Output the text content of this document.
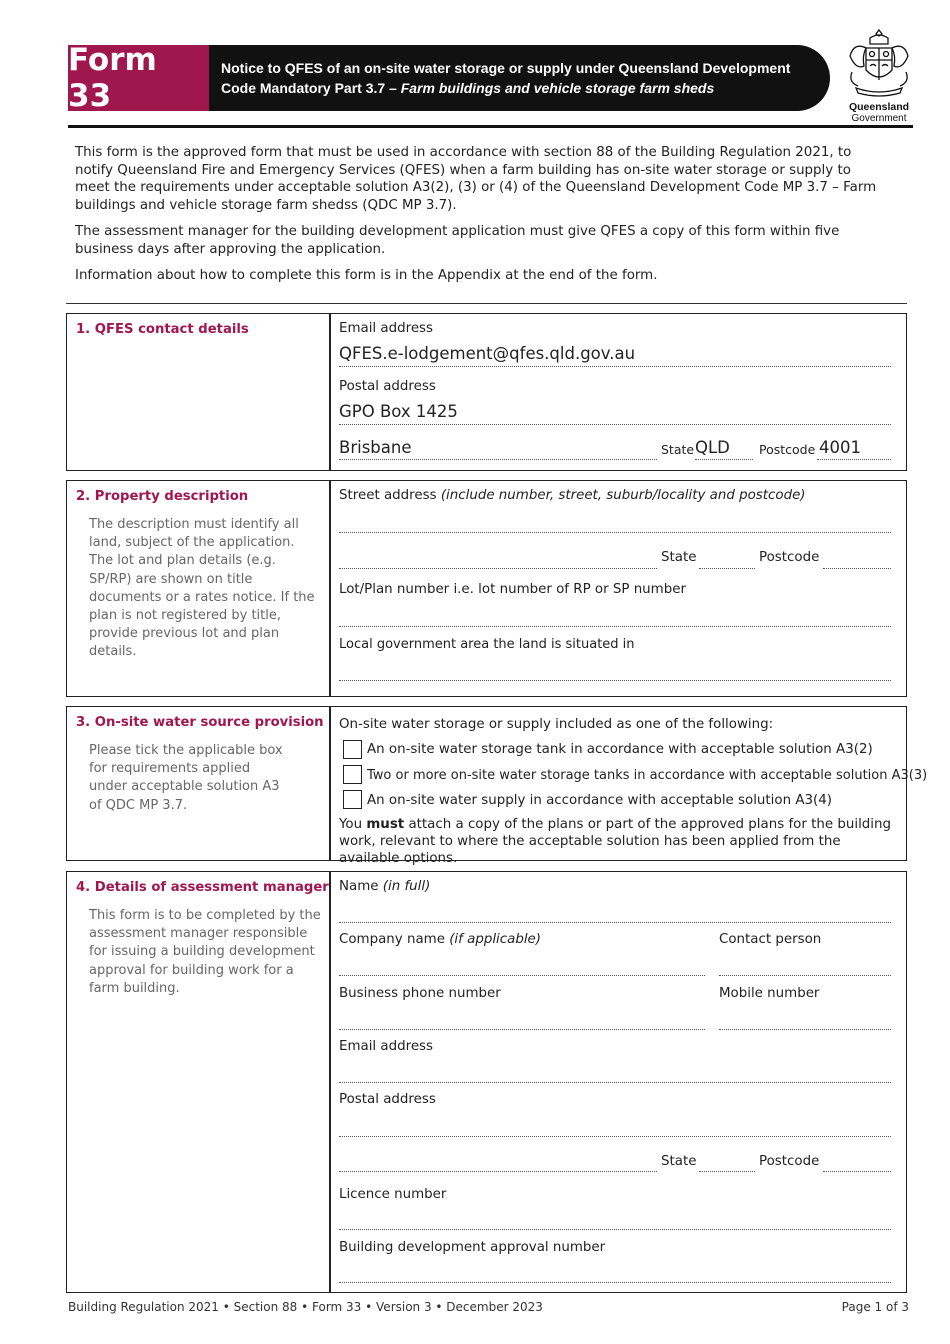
Form 33
Notice to QFES of an on-site water storage or supply under Queensland Development
Code Mandatory Part 3.7 – Farm buildings and vehicle storage farm sheds
Queensland
Government
This form is the approved form that must be used in accordance with section 88 of the Building Regulation 2021, to notify Queensland Fire and Emergency Services (QFES) when a farm building has on-site water storage or supply to meet the requirements under acceptable solution A3(2), (3) or (4) of the Queensland Development Code MP 3.7 – Farm buildings and vehicle storage farm shedss (QDC MP 3.7).
The assessment manager for the building development application must give QFES a copy of this form within five business days after approving the application.
Information about how to complete this form is in the Appendix at the end of the form.
1. QFES contact details	Email address
QFES.e-lodgement@qfes.qld.gov.au
Postal address
GPO Box 1425
Brisbane	State QLD Postcode 4001
2. Property description
The description must identify all land, subject of the application. The lot and plan details (e.g. SP/RP) are shown on title documents or a rates notice. If the plan is not registered by title, provide previous lot and plan details.
Street address (include number, street, suburb/locality and postcode)
State	Postcode
Lot/Plan number i.e. lot number of RP or SP number
Local government area the land is situated in
3. On-site water source provision
Please tick the applicable box for requirements applied under acceptable solution A3 of QDC MP 3.7.
On-site water storage or supply included as one of the following:
An on-site water storage tank in accordance with acceptable solution A3(2)
Two or more on-site water storage tanks in accordance with acceptable solution A3(3)
An on-site water supply in accordance with acceptable solution A3(4)
You must attach a copy of the plans or part of the approved plans for the building work, relevant to where the acceptable solution has been applied from the available options.
4. Details of assessment manager
This form is to be completed by the assessment manager responsible for issuing a building development approval for building work for a farm building.
Name (in full)
Company name (if applicable)	Contact person
Business phone number	Mobile number
Email address
Postal address
State	Postcode
Licence number
Building development approval number
Building Regulation 2021 • Section 88 • Form 33 • Version 3 • December 2023	Page 1 of 3
